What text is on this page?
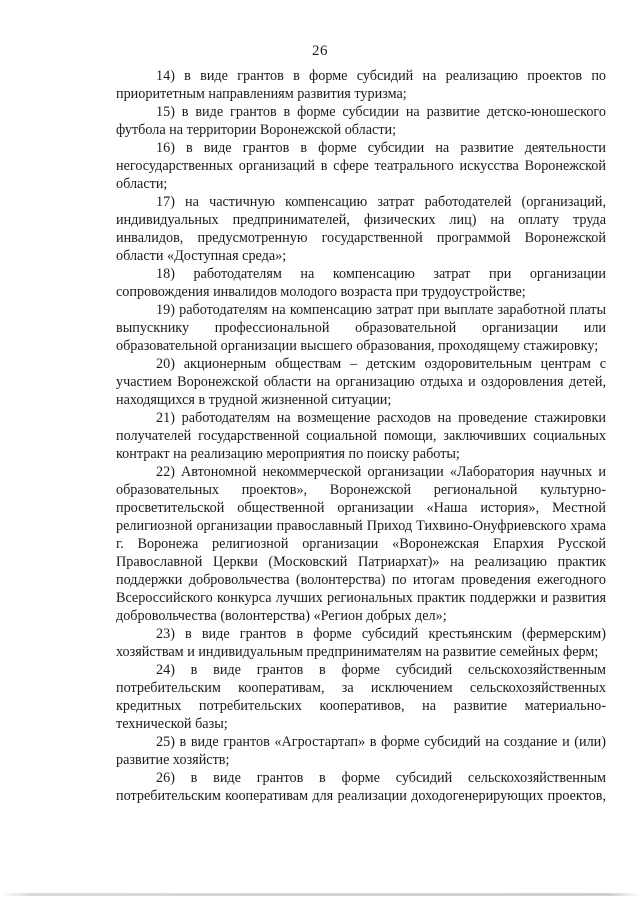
26

14) в виде грантов в форме субсидий на реализацию проектов по приоритетным направлениям развития туризма;

15) в виде грантов в форме субсидии на развитие детско-юношеского футбола на территории Воронежской области;

16) в виде грантов в форме субсидии на развитие деятельности негосударственных организаций в сфере театрального искусства Воронежской области;

17) на частичную компенсацию затрат работодателей (организаций, индивидуальных предпринимателей, физических лиц) на оплату труда инвалидов, предусмотренную государственной программой Воронежской области «Доступная среда»;

18) работодателям на компенсацию затрат при организации сопровождения инвалидов молодого возраста при трудоустройстве;

19) работодателям на компенсацию затрат при выплате заработной платы выпускнику профессиональной образовательной организации или образовательной организации высшего образования, проходящему стажировку;

20) акционерным обществам – детским оздоровительным центрам с участием Воронежской области на организацию отдыха и оздоровления детей, находящихся в трудной жизненной ситуации;

21) работодателям на возмещение расходов на проведение стажировки получателей государственной социальной помощи, заключивших социальных контракт на реализацию мероприятия по поиску работы;

22) Автономной некоммерческой организации «Лаборатория научных и образовательных проектов», Воронежской региональной культурно-просветительской общественной организации «Наша история», Местной религиозной организации православный Приход Тихвино-Онуфриевского храма г. Воронежа религиозной организации «Воронежская Епархия Русской Православной Церкви (Московский Патриархат)» на реализацию практик поддержки добровольчества (волонтерства) по итогам проведения ежегодного Всероссийского конкурса лучших региональных практик поддержки и развития добровольчества (волонтерства) «Регион добрых дел»;

23) в виде грантов в форме субсидий крестьянским (фермерским) хозяйствам и индивидуальным предпринимателям на развитие семейных ферм;

24) в виде грантов в форме субсидий сельскохозяйственным потребительским кооперативам, за исключением сельскохозяйственных кредитных потребительских кооперативов, на развитие материально-технической базы;

25) в виде грантов «Агростартап» в форме субсидий на создание и (или) развитие хозяйств;

26) в виде грантов в форме субсидий сельскохозяйственным потребительским кооперативам для реализации доходогенерирующих проектов,
